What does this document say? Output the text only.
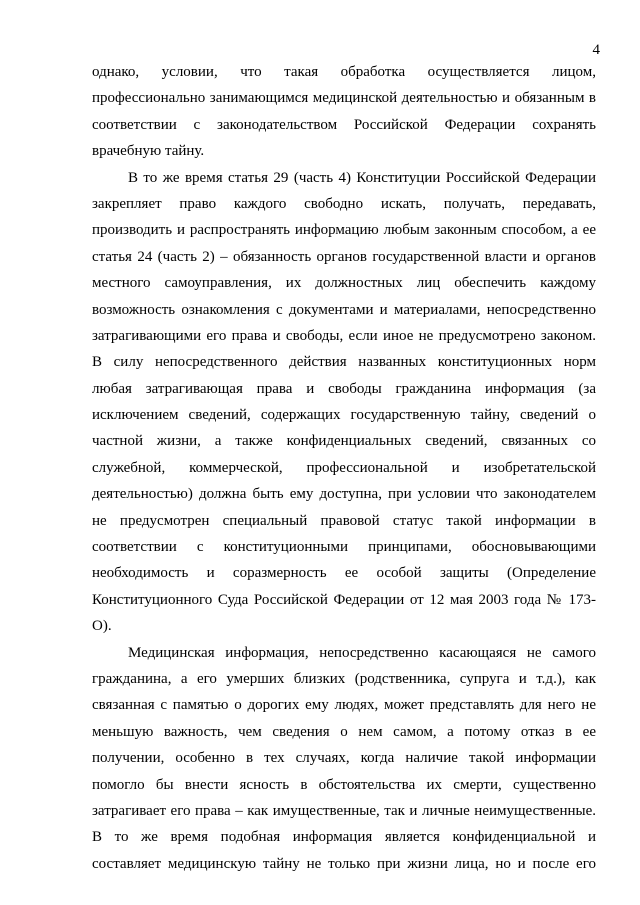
4
однако, условии, что такая обработка осуществляется лицом,
профессионально занимающимся медицинской деятельностью и обязанным в
соответствии с законодательством Российской Федерации сохранять
врачебную тайну.
В то же время статья 29 (часть 4) Конституции Российской Федерации
закрепляет право каждого свободно искать, получать, передавать,
производить и распространять информацию любым законным способом, а ее
статья 24 (часть 2) – обязанность органов государственной власти и органов
местного самоуправления, их должностных лиц обеспечить каждому
возможность ознакомления с документами и материалами, непосредственно
затрагивающими его права и свободы, если иное не предусмотрено законом.
В силу непосредственного действия названных конституционных норм
любая затрагивающая права и свободы гражданина информация (за
исключением сведений, содержащих государственную тайну, сведений о
частной жизни, а также конфиденциальных сведений, связанных со
служебной, коммерческой, профессиональной и изобретательской
деятельностью) должна быть ему доступна, при условии что законодателем
не предусмотрен специальный правовой статус такой информации в
соответствии с конституционными принципами, обосновывающими
необходимость и соразмерность ее особой защиты (Определение
Конституционного Суда Российской Федерации от 12 мая 2003 года № 173-
О).
Медицинская информация, непосредственно касающаяся не самого
гражданина, а его умерших близких (родственника, супруга и т.д.), как
связанная с памятью о дорогих ему людях, может представлять для него не
меньшую важность, чем сведения о нем самом, а потому отказ в ее
получении, особенно в тех случаях, когда наличие такой информации
помогло бы внести ясность в обстоятельства их смерти, существенно
затрагивает его права – как имущественные, так и личные неимущественные.
В то же время подобная информация является конфиденциальной и
составляет медицинскую тайну не только при жизни лица, но и после его
